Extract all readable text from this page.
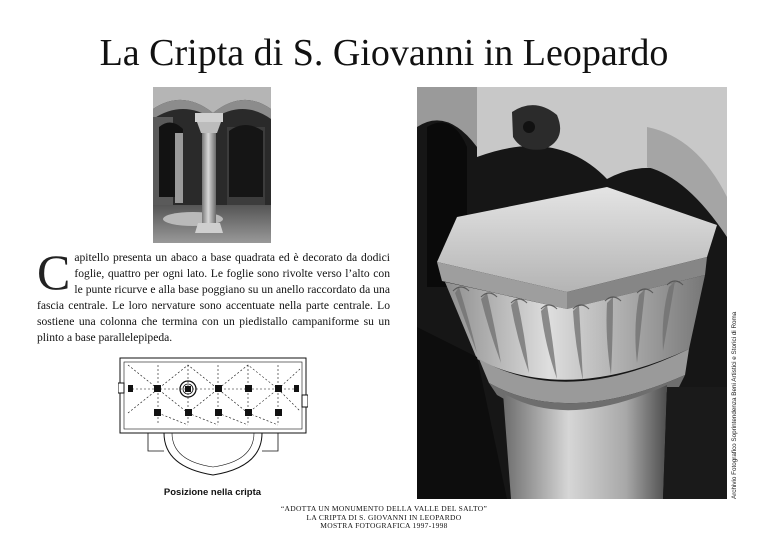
La Cripta di S. Giovanni in Leopardo
Capitello presenta un abaco a base quadrata ed è decorato da dodici foglie, quattro per ogni lato. Le foglie sono rivolte verso l’alto con le punte ricurve e alla base poggiano su un anello raccordato da una fascia centrale. Le loro nervature sono accentuate nella parte centrale. Lo sostiene una colonna che termina con un piedistallo campaniforme su un plinto a base parallelepipeda.
Posizione nella cripta	Archivio Fotografico Soprintendenza Beni Artistici e Storici di Roma
“ADOTTA UN MONUMENTO DELLA VALLE DEL SALTO”
LA CRIPTA DI S. GIOVANNI IN LEOPARDO
MOSTRA FOTOGRAFICA 1997-1998
